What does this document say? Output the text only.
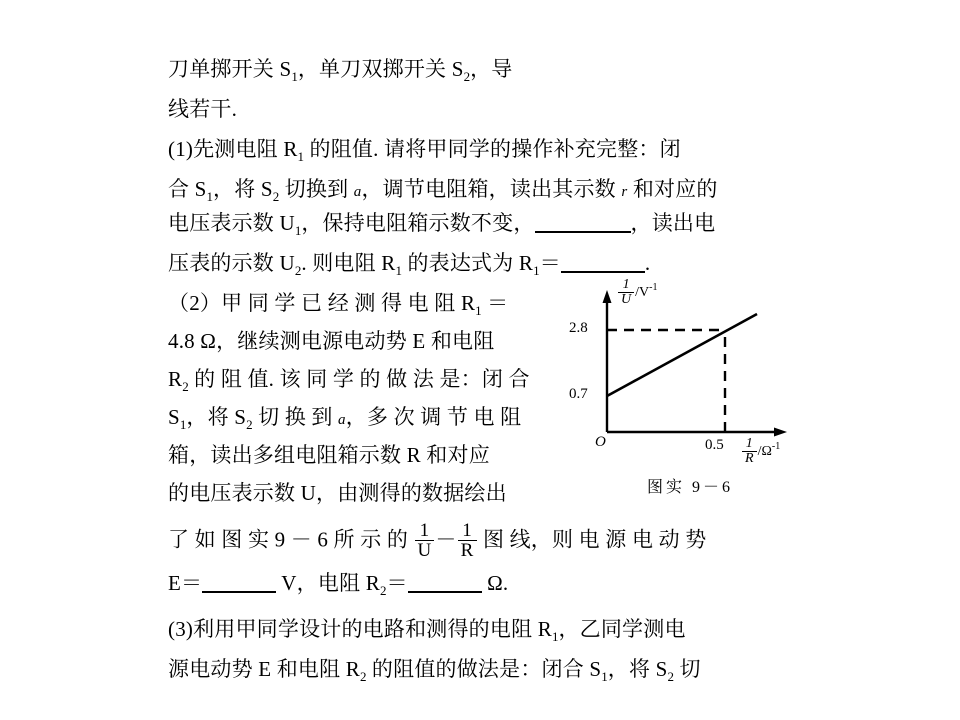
刀单掷开关 $S_1$，单刀双掷开关 $S_2$，导
线若干.
(1)先测电阻 $R_1$ 的阻值. 请将甲同学的操作补充完整：闭
合 $S_1$，将 $S_2$ 切换到 a，调节电阻箱，读出其示数 r 和对应的
电压表示数 $U_1$，保持电阻箱示数不变，	，读出电
压表的示数 $U_2$. 则电阻 $R_1$ 的表达式为 $R_1=$	.
（2）甲 同 学 已 经 测 得 电 阻 $R_1$ ＝
4.8 Ω，继续测电源电动势 E 和电阻
$R_2$ 的 阻 值. 该 同 学 的 做 法 是：闭 合
$S_1$，将 $S_2$ 切 换 到 a，多 次 调 节 电 阻
箱，读出多组电阻箱示数 R 和对应
的电压表示数 U，由测得的数据绘出
$\frac{1}{U} /V^{-1}$
$\frac{1}{R} /\Omega^{-1}$
2.8
0.7
0.5
O
图实 9－6
了 如 图 实 9 － 6 所 示 的 $\frac{1}{U} - \frac{1}{R}$ 图 线，则 电 源 电 动 势
E＝	V，电阻 $R_2=$	Ω.
(3)利用甲同学设计的电路和测得的电阻 $R_1$，乙同学测电
源电动势 E 和电阻 $R_2$ 的阻值的做法是：闭合 $S_1$，将 $S_2$ 切
